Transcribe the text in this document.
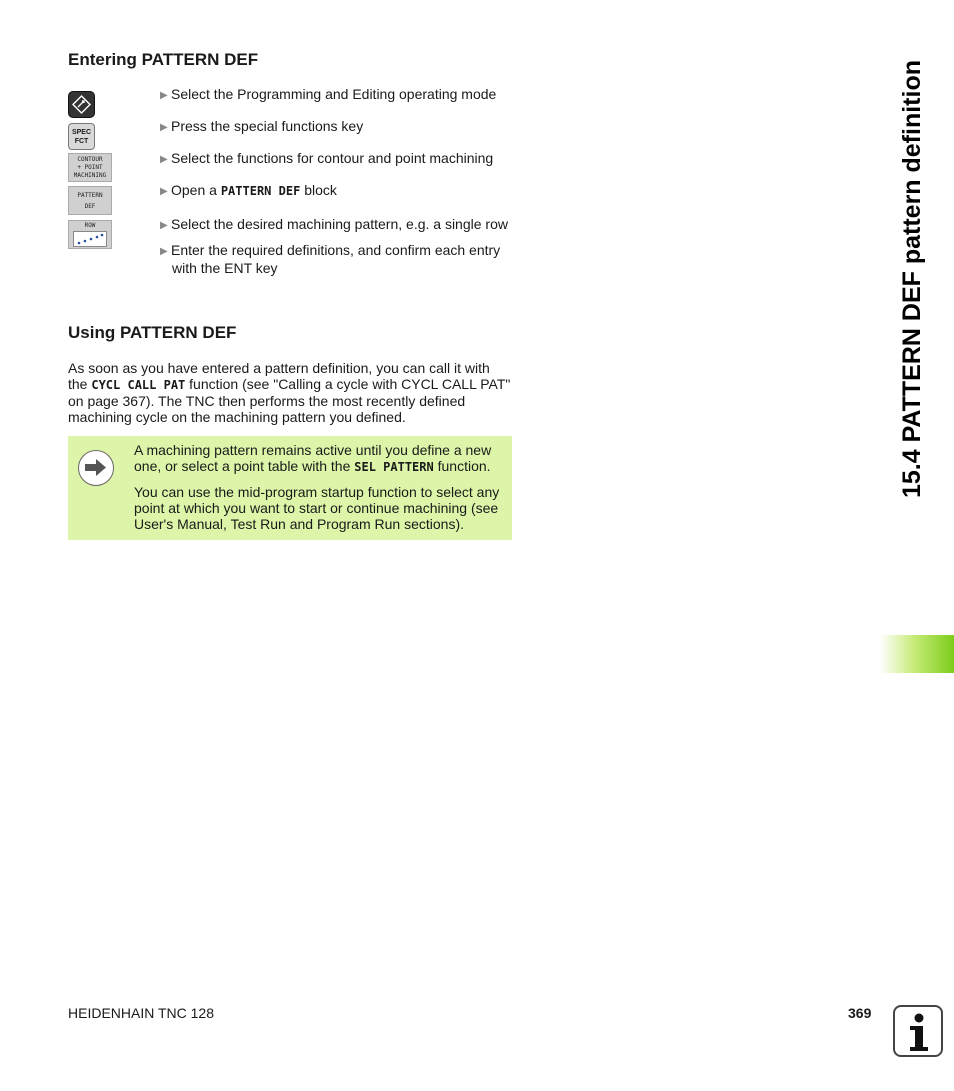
Entering PATTERN DEF
SPEC
FCT
CONTOUR
+ POINT
MACHINING
PATTERN
DEF
ROW
▶ Select the Programming and Editing operating mode
▶ Press the special functions key
▶ Select the functions for contour and point machining
▶ Open a PATTERN DEF block
▶ Select the desired machining pattern, e.g. a single row
▶ Enter the required definitions, and confirm each entry
with the ENT key
Using PATTERN DEF

As soon as you have entered a pattern definition, you can call it with the CYCL CALL PAT function (see "Calling a cycle with CYCL CALL PAT" on page 367). The TNC then performs the most recently defined machining cycle on the machining pattern you defined.

A machining pattern remains active until you define a new one, or select a point table with the SEL PATTERN function.

You can use the mid-program startup function to select any point at which you want to start or continue machining (see User's Manual, Test Run and Program Run sections).

15.4 PATTERN DEF pattern definition
HEIDENHAIN TNC 128	369
